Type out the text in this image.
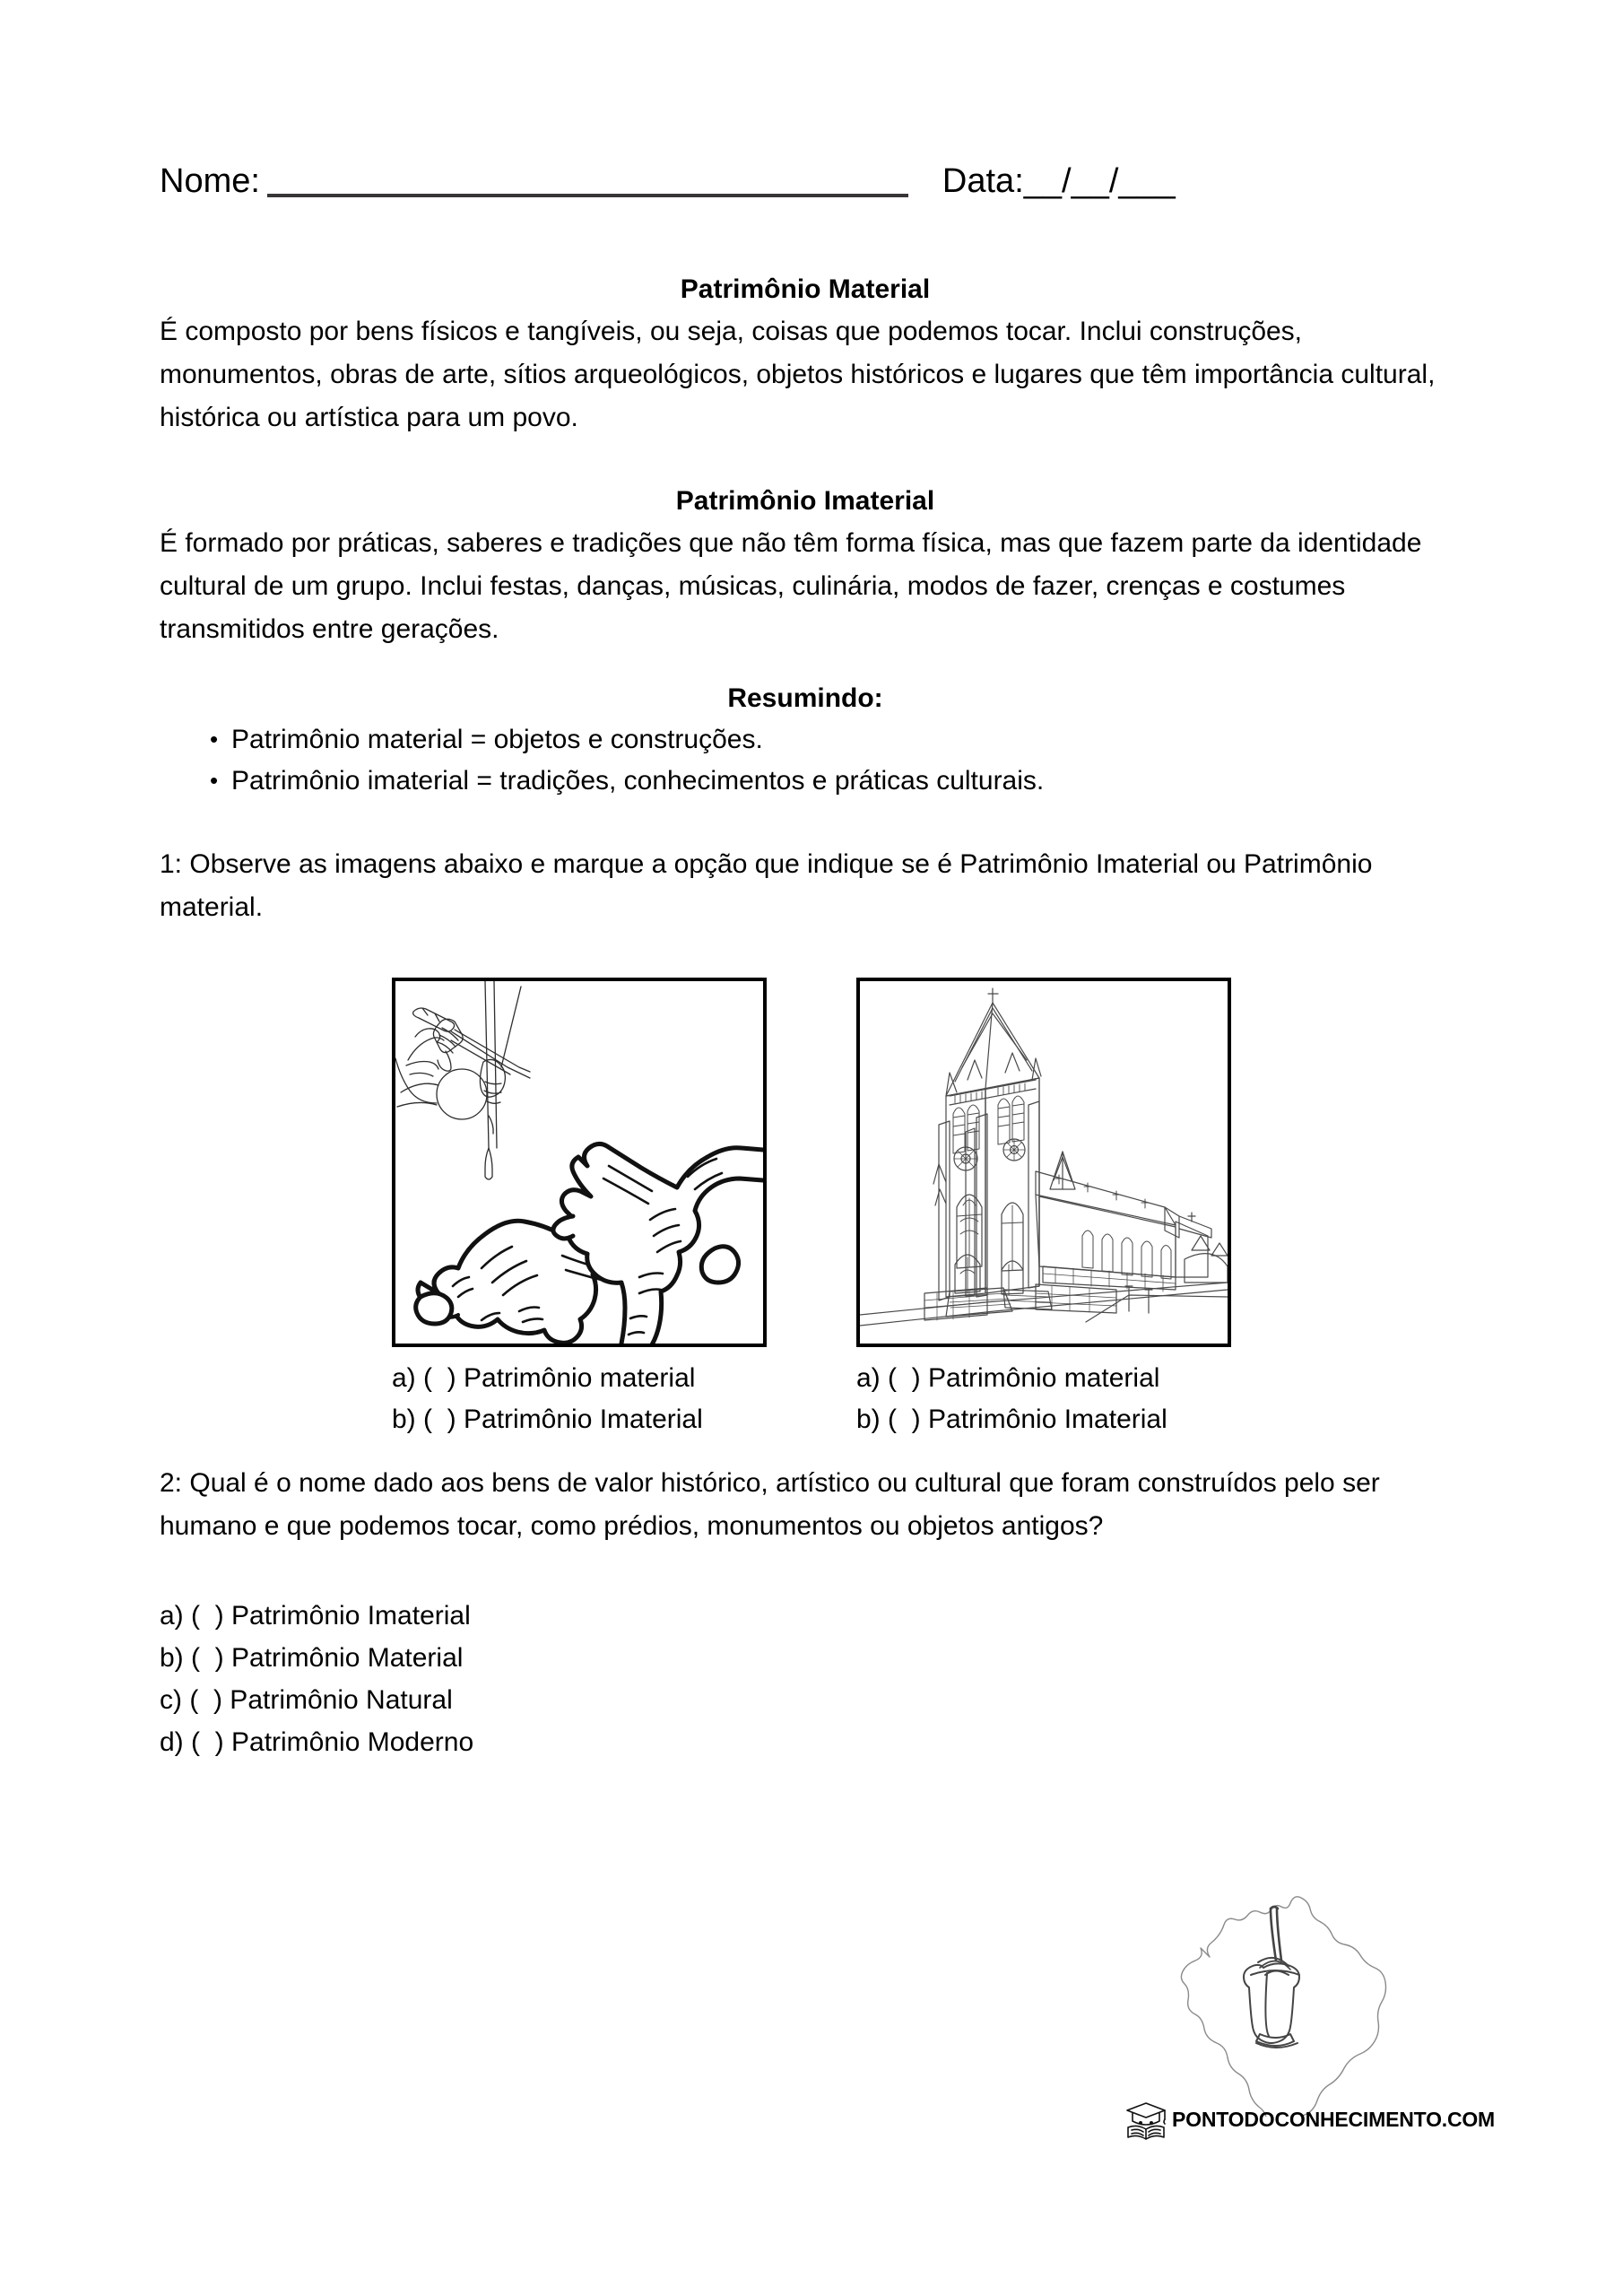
Nome:	Data:__/__/___
Patrimônio Material

É composto por bens físicos e tangíveis, ou seja, coisas que podemos tocar. Inclui construções, monumentos, obras de arte, sítios arqueológicos, objetos históricos e lugares que têm importância cultural, histórica ou artística para um povo.

Patrimônio Imaterial

É formado por práticas, saberes e tradições que não têm forma física, mas que fazem parte da identidade cultural de um grupo. Inclui festas, danças, músicas, culinária, modos de fazer, crenças e costumes transmitidos entre gerações.

Resumindo:
• Patrimônio material = objetos e construções.
• Patrimônio imaterial = tradições, conhecimentos e práticas culturais.

1: Observe as imagens abaixo e marque a opção que indique se é Patrimônio Imaterial ou Patrimônio material.

a) (  ) Patrimônio material
b) (  ) Patrimônio Imaterial
a) (  ) Patrimônio material
b) (  ) Patrimônio Imaterial

2: Qual é o nome dado aos bens de valor histórico, artístico ou cultural que foram construídos pelo ser humano e que podemos tocar, como prédios, monumentos ou objetos antigos?

a) (  ) Patrimônio Imaterial
b) (  ) Patrimônio Material
c) (  ) Patrimônio Natural
d) (  ) Patrimônio Moderno
PONTODOCONHECIMENTO.COM
